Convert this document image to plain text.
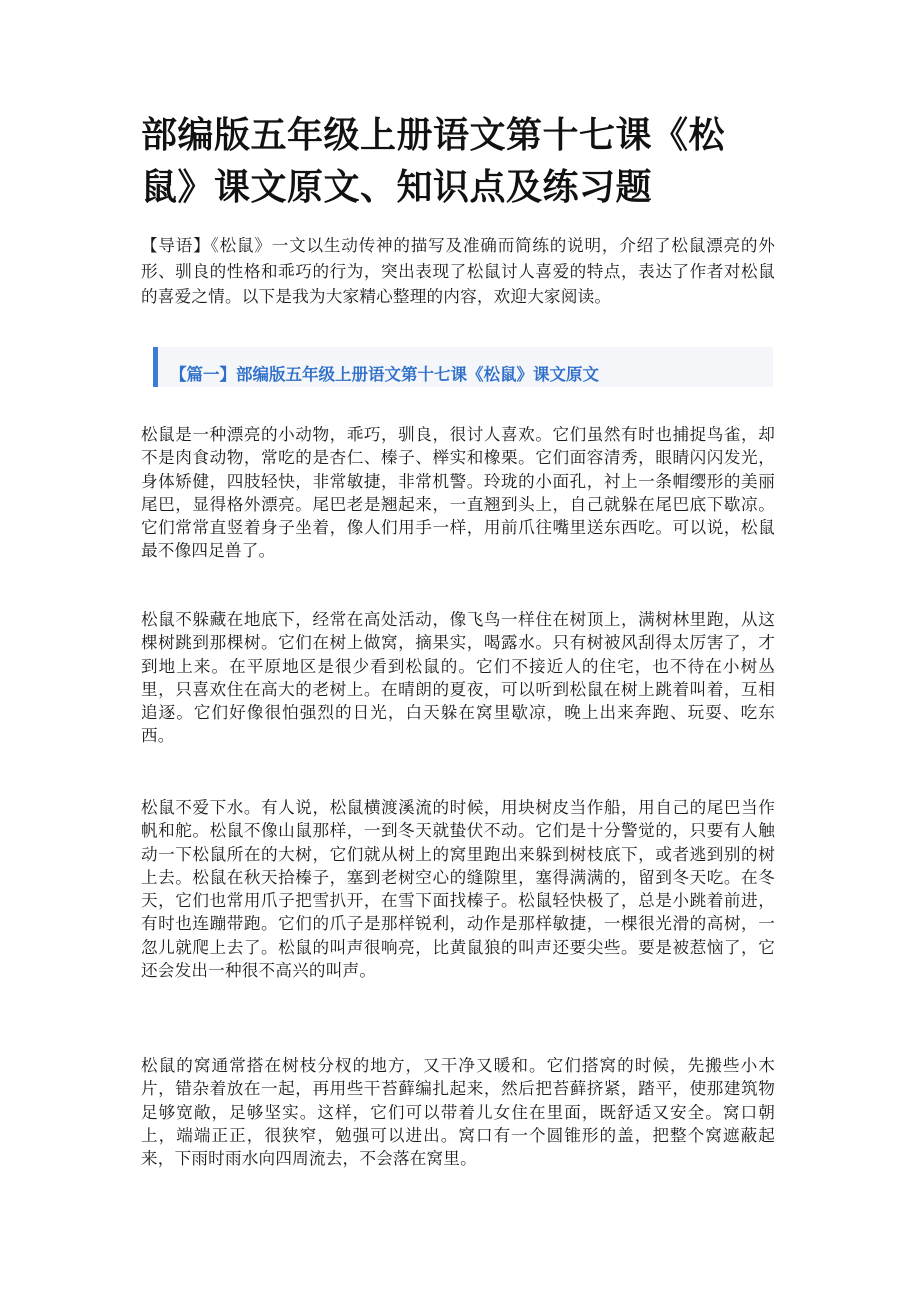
部编版五年级上册语文第十七课《松鼠》课文原文、知识点及练习题

【导语】《松鼠》一文以生动传神的描写及准确而简练的说明，介绍了松鼠漂亮的外形、驯良的性格和乖巧的行为，突出表现了松鼠讨人喜爱的特点，表达了作者对松鼠的喜爱之情。以下是我为大家精心整理的内容，欢迎大家阅读。

【篇一】部编版五年级上册语文第十七课《松鼠》课文原文

松鼠是一种漂亮的小动物，乖巧，驯良，很讨人喜欢。它们虽然有时也捕捉鸟雀，却不是肉食动物，常吃的是杏仁、榛子、榉实和橡栗。它们面容清秀，眼睛闪闪发光，身体矫健，四肢轻快，非常敏捷，非常机警。玲珑的小面孔，衬上一条帽缨形的美丽尾巴，显得格外漂亮。尾巴老是翘起来，一直翘到头上，自己就躲在尾巴底下歇凉。它们常常直竖着身子坐着，像人们用手一样，用前爪往嘴里送东西吃。可以说，松鼠最不像四足兽了。

松鼠不躲藏在地底下，经常在高处活动，像飞鸟一样住在树顶上，满树林里跑，从这棵树跳到那棵树。它们在树上做窝，摘果实，喝露水。只有树被风刮得太厉害了，才到地上来。在平原地区是很少看到松鼠的。它们不接近人的住宅，也不待在小树丛里，只喜欢住在高大的老树上。在晴朗的夏夜，可以听到松鼠在树上跳着叫着，互相追逐。它们好像很怕强烈的日光，白天躲在窝里歇凉，晚上出来奔跑、玩耍、吃东西。

松鼠不爱下水。有人说，松鼠横渡溪流的时候，用块树皮当作船，用自己的尾巴当作帆和舵。松鼠不像山鼠那样，一到冬天就蛰伏不动。它们是十分警觉的，只要有人触动一下松鼠所在的大树，它们就从树上的窝里跑出来躲到树枝底下，或者逃到别的树上去。松鼠在秋天拾榛子，塞到老树空心的缝隙里，塞得满满的，留到冬天吃。在冬天，它们也常用爪子把雪扒开，在雪下面找榛子。松鼠轻快极了，总是小跳着前进，有时也连蹦带跑。它们的爪子是那样锐利，动作是那样敏捷，一棵很光滑的高树，一忽儿就爬上去了。松鼠的叫声很响亮，比黄鼠狼的叫声还要尖些。要是被惹恼了，它还会发出一种很不高兴的叫声。

松鼠的窝通常搭在树枝分杈的地方，又干净又暖和。它们搭窝的时候，先搬些小木片，错杂着放在一起，再用些干苔藓编扎起来，然后把苔藓挤紧，踏平，使那建筑物足够宽敞，足够坚实。这样，它们可以带着儿女住在里面，既舒适又安全。窝口朝上，端端正正，很狭窄，勉强可以进出。窝口有一个圆锥形的盖，把整个窝遮蔽起来，下雨时雨水向四周流去，不会落在窝里。
